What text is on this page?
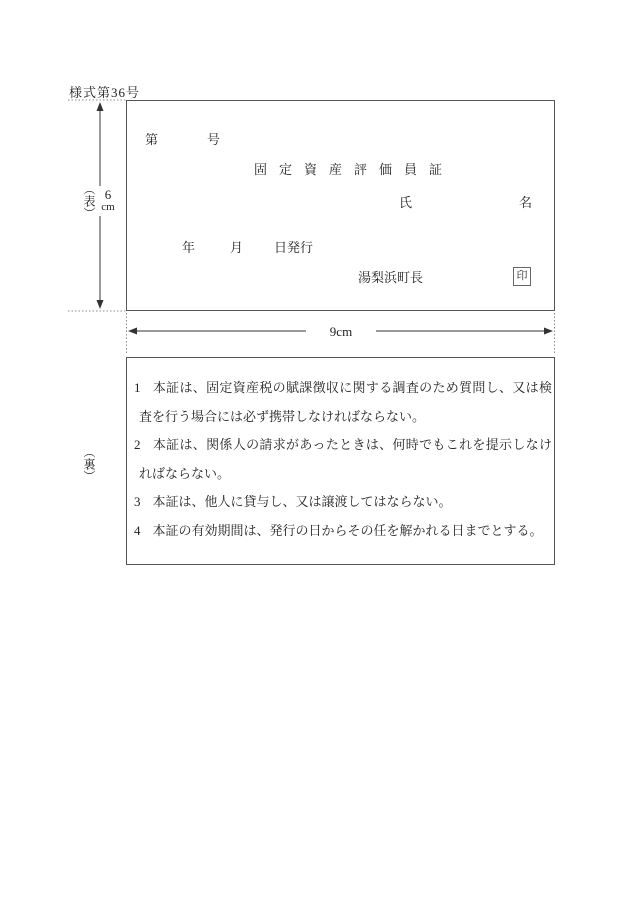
様式第36号
（表） 6
cm
第	号
固定資産評価員証
氏	名
年	月 日発行
湯梨浜町長	印
9cm
（裏）

1 本証は、固定資産税の賦課徴収に関する調査のため質問し、又は検査を行う場合には必ず携帯しなければならない。

2 本証は、関係人の請求があったときは、何時でもこれを提示しなければならない。

3 本証は、他人に貸与し、又は譲渡してはならない。

4 本証の有効期間は、発行の日からその任を解かれる日までとする。
